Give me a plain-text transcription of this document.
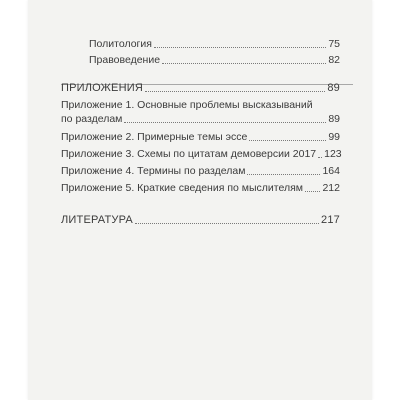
Политология	75
Правоведение	82
ПРИЛОЖЕНИЯ	89
Приложение 1. Основные проблемы высказываний
по разделам	89
Приложение 2. Примерные темы эссе	99
Приложение 3. Схемы по цитатам демоверсии 2017 123
Приложение 4. Термины по разделам	164
Приложение 5. Краткие сведения по мыслителям 212
ЛИТЕРАТУРА	217
